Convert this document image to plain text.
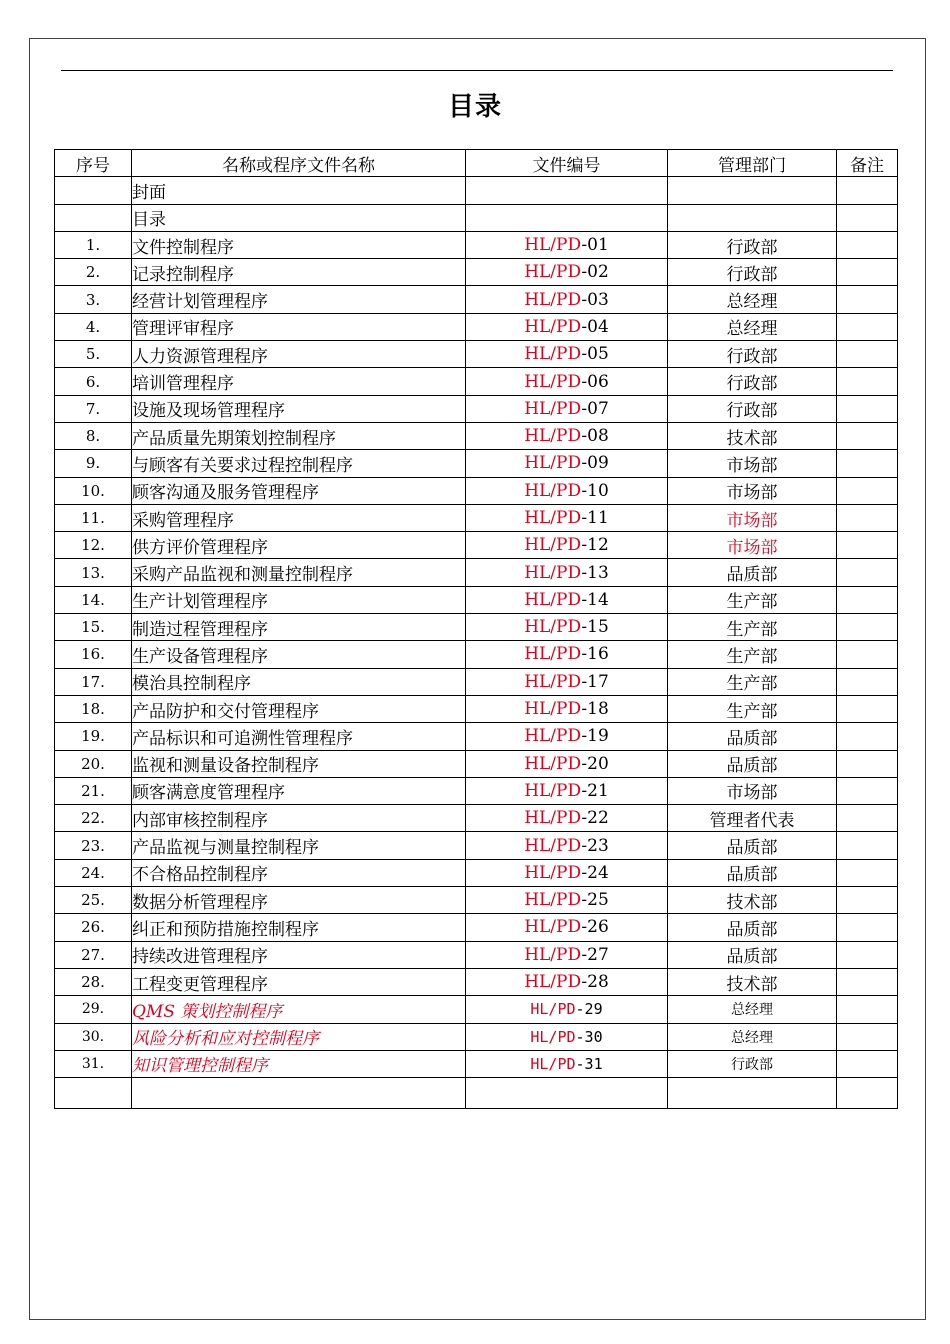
目录
序号	名称或程序文件名称	文件编号	管理部门	备注
	封面			
	目录			
1.	文件控制程序	HL/PD-01	行政部	
2.	记录控制程序	HL/PD-02	行政部	
3.	经营计划管理程序	HL/PD-03	总经理	
4.	管理评审程序	HL/PD-04	总经理	
5.	人力资源管理程序	HL/PD-05	行政部	
6.	培训管理程序	HL/PD-06	行政部	
7.	设施及现场管理程序	HL/PD-07	行政部	
8.	产品质量先期策划控制程序	HL/PD-08	技术部	
9.	与顾客有关要求过程控制程序	HL/PD-09	市场部	
10.	顾客沟通及服务管理程序	HL/PD-10	市场部	
11.	采购管理程序	HL/PD-11	市场部	
12.	供方评价管理程序	HL/PD-12	市场部	
13.	采购产品监视和测量控制程序	HL/PD-13	品质部	
14.	生产计划管理程序	HL/PD-14	生产部	
15.	制造过程管理程序	HL/PD-15	生产部	
16.	生产设备管理程序	HL/PD-16	生产部	
17.	模治具控制程序	HL/PD-17	生产部	
18.	产品防护和交付管理程序	HL/PD-18	生产部	
19.	产品标识和可追溯性管理程序	HL/PD-19	品质部	
20.	监视和测量设备控制程序	HL/PD-20	品质部	
21.	顾客满意度管理程序	HL/PD-21	市场部	
22.	内部审核控制程序	HL/PD-22	管理者代表	
23.	产品监视与测量控制程序	HL/PD-23	品质部	
24.	不合格品控制程序	HL/PD-24	品质部	
25.	数据分析管理程序	HL/PD-25	技术部	
26.	纠正和预防措施控制程序	HL/PD-26	品质部	
27.	持续改进管理程序	HL/PD-27	品质部	
28.	工程变更管理程序	HL/PD-28	技术部	
29.	QMS 策划控制程序	HL/PD-29	总经理	
30.	风险分析和应对控制程序	HL/PD-30	总经理	
31.	知识管理控制程序	HL/PD-31	行政部	
